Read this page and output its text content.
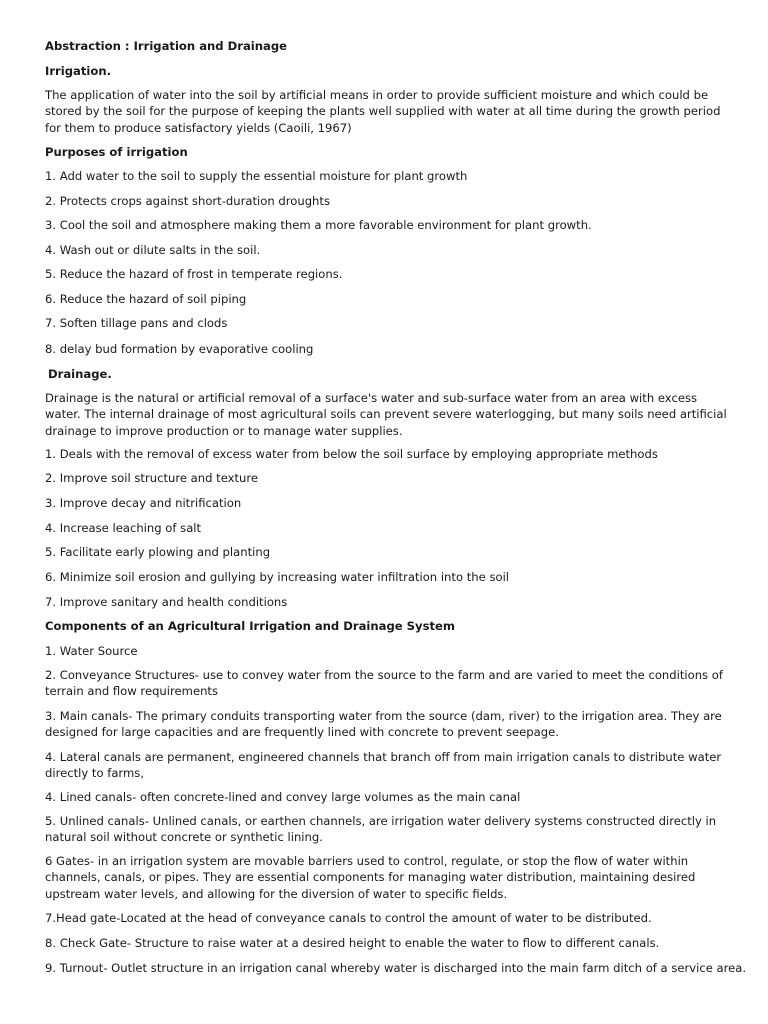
Abstraction : Irrigation and Drainage

Irrigation.

The application of water into the soil by artificial means in order to provide sufficient moisture and which could be stored by the soil for the purpose of keeping the plants well supplied with water at all time during the growth period for them to produce satisfactory yields (Caoili, 1967)

Purposes of irrigation

1. Add water to the soil to supply the essential moisture for plant growth

2. Protects crops against short-duration droughts

3. Cool the soil and atmosphere making them a more favorable environment for plant growth.

4. Wash out or dilute salts in the soil.

5. Reduce the hazard of frost in temperate regions.

6. Reduce the hazard of soil piping

7. Soften tillage pans and clods

8. delay bud formation by evaporative cooling

Drainage.

Drainage is the natural or artificial removal of a surface's water and sub-surface water from an area with excess water. The internal drainage of most agricultural soils can prevent severe waterlogging, but many soils need artificial drainage to improve production or to manage water supplies.

1. Deals with the removal of excess water from below the soil surface by employing appropriate methods

2. Improve soil structure and texture

3. Improve decay and nitrification

4. Increase leaching of salt

5. Facilitate early plowing and planting

6. Minimize soil erosion and gullying by increasing water infiltration into the soil

7. Improve sanitary and health conditions

Components of an Agricultural Irrigation and Drainage System

1. Water Source

2. Conveyance Structures- use to convey water from the source to the farm and are varied to meet the conditions of terrain and flow requirements

3. Main canals- The primary conduits transporting water from the source (dam, river) to the irrigation area. They are designed for large capacities and are frequently lined with concrete to prevent seepage.

4. Lateral canals are permanent, engineered channels that branch off from main irrigation canals to distribute water directly to farms,

4. Lined canals- often concrete-lined and convey large volumes as the main canal

5. Unlined canals- Unlined canals, or earthen channels, are irrigation water delivery systems constructed directly in natural soil without concrete or synthetic lining.

6 Gates- in an irrigation system are movable barriers used to control, regulate, or stop the flow of water within channels, canals, or pipes. They are essential components for managing water distribution, maintaining desired upstream water levels, and allowing for the diversion of water to specific fields.

7.Head gate-Located at the head of conveyance canals to control the amount of water to be distributed.

8. Check Gate- Structure to raise water at a desired height to enable the water to flow to different canals.

9. Turnout- Outlet structure in an irrigation canal whereby water is discharged into the main farm ditch of a service area.
